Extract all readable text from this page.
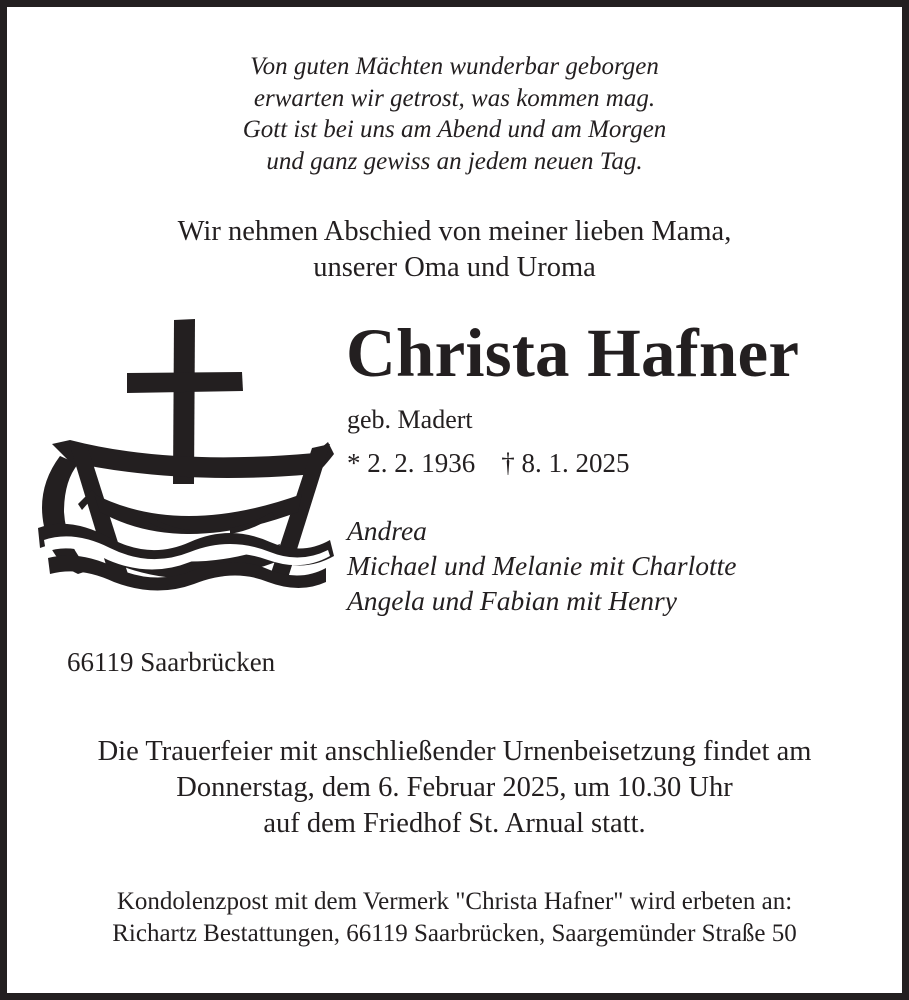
Von guten Mächten wunderbar geborgen
erwarten wir getrost, was kommen mag.
Gott ist bei uns am Abend und am Morgen
und ganz gewiss an jedem neuen Tag.
Wir nehmen Abschied von meiner lieben Mama,
unserer Oma und Uroma
Christa Hafner
geb. Madert
* 2. 2. 1936 † 8. 1. 2025
Andrea
Michael und Melanie mit Charlotte
Angela und Fabian mit Henry
66119 Saarbrücken
Die Trauerfeier mit anschließender Urnenbeisetzung findet am
Donnerstag, dem 6. Februar 2025, um 10.30 Uhr
auf dem Friedhof St. Arnual statt.
Kondolenzpost mit dem Vermerk "Christa Hafner" wird erbeten an:
Richartz Bestattungen, 66119 Saarbrücken, Saargemünder Straße 50
